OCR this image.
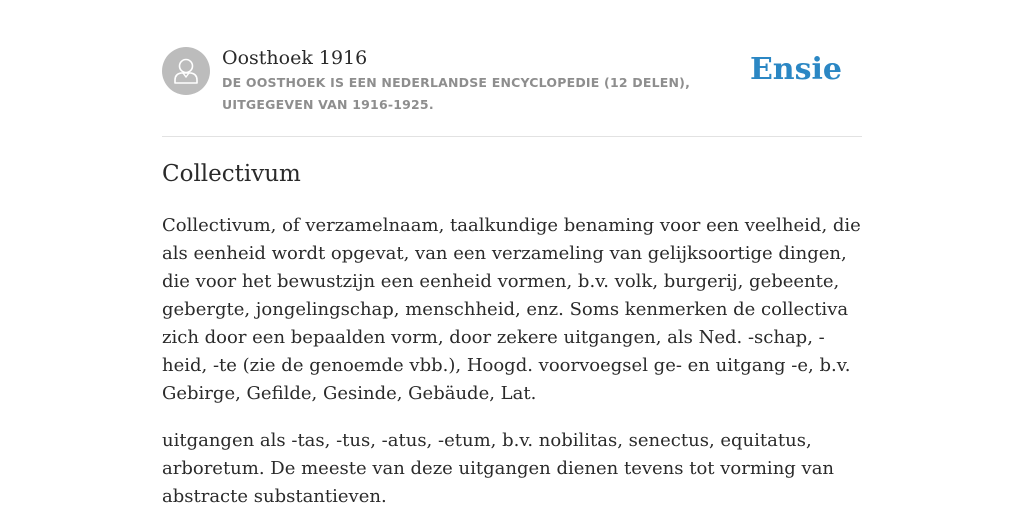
Oosthoek 1916
DE OOSTHOEK IS EEN NEDERLANDSE ENCYCLOPEDIE (12 DELEN), UITGEGEVEN VAN 1916-1925.
Ensie
Collectivum

Collectivum, of verzamelnaam, taalkundige benaming voor een veelheid, die als eenheid wordt opgevat, van een verzameling van gelijksoortige dingen, die voor het bewustzijn een eenheid vormen, b.v. volk, burgerij, gebeente, gebergte, jongelingschap, menschheid, enz. Soms kenmerken de collectiva zich door een bepaalden vorm, door zekere uitgangen, als Ned. -schap, -heid, -te (zie de genoemde vbb.), Hoogd. voorvoegsel ge- en uitgang -e, b.v. Gebirge, Gefilde, Gesinde, Gebäude, Lat.

uitgangen als -tas, -tus, -atus, -etum, b.v. nobilitas, senectus, equitatus, arboretum. De meeste van deze uitgangen dienen tevens tot vorming van abstracte substantieven.
